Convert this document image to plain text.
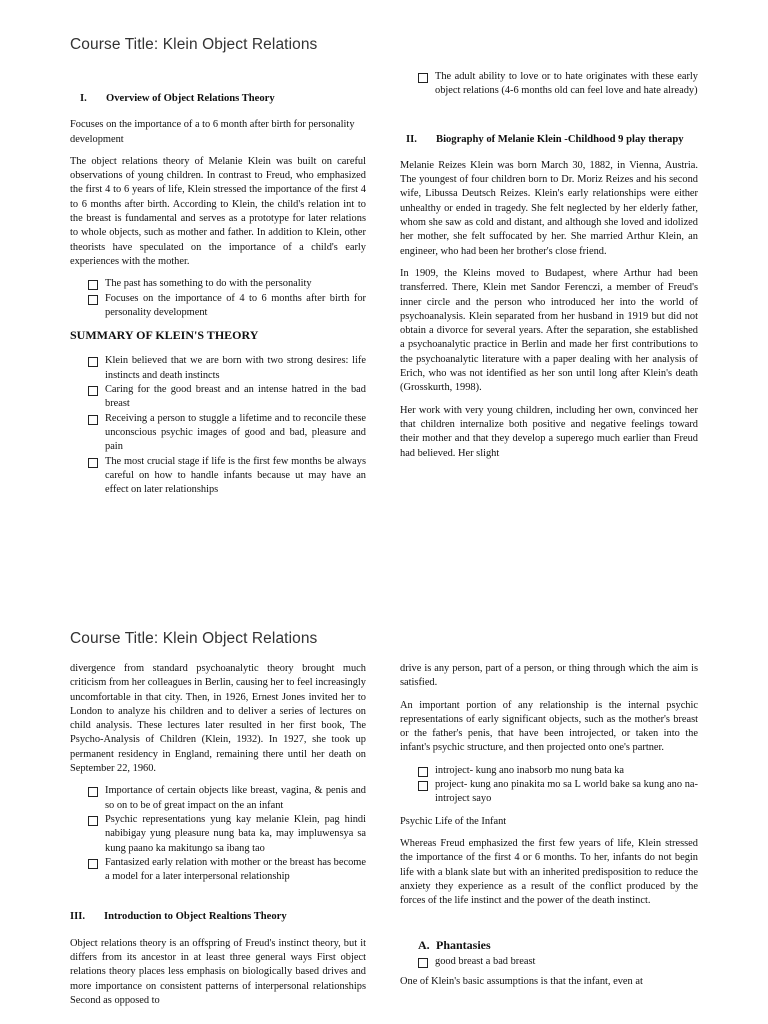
Course Title: Klein Object Relations
I.	Overview of Object Relations Theory

Focuses on the importance of a to 6 month after birth for personality development

The object relations theory of Melanie Klein was built on careful observations of young children. In contrast to Freud, who emphasized the first 4 to 6 years of life, Klein stressed the importance of the first 4 to 6 months after birth. According to Klein, the child's relation int to the breast is fundamental and serves as a prototype for later relations to whole objects, such as mother and father. In addition to Klein, other theorists have speculated on the importance of a child's early experiences with the mother.

The past has something to do with the personality
Focuses on the importance of 4 to 6 months after birth for personality development
SUMMARY OF KLEIN'S THEORY
Klein believed that we are born with two strong desires: life instincts and death instincts
Caring for the good breast and an intense hatred in the bad breast
Receiving a person to stuggle a lifetime and to reconcile these unconscious psychic images of good and bad, pleasure and pain
The most crucial stage if life is the first few months be always careful on how to handle infants because ut may have an effect on later relationships
The adult ability to love or to hate originates with these early object relations (4-6 months old can feel love and hate already)
II.	Biography of Melanie Klein -Childhood 9 play therapy

Melanie Reizes Klein was born March 30, 1882, in Vienna, Austria. The youngest of four children born to Dr. Moriz Reizes and his second wife, Libussa Deutsch Reizes. Klein's early relationships were either unhealthy or ended in tragedy. She felt neglected by her elderly father, whom she saw as cold and distant, and although she loved and idolized her mother, she felt suffocated by her. She married Arthur Klein, an engineer, who had been her brother's close friend.

In 1909, the Kleins moved to Budapest, where Arthur had been transferred. There, Klein met Sandor Ferenczi, a member of Freud's inner circle and the person who introduced her into the world of psychoanalysis. Klein separated from her husband in 1919 but did not obtain a divorce for several years. After the separation, she established a psychoanalytic practice in Berlin and made her first contributions to the psychoanalytic literature with a paper dealing with her analysis of Erich, who was not identified as her son until long after Klein's death (Grosskurth, 1998).

Her work with very young children, including her own, convinced her that children internalize both positive and negative feelings toward their mother and that they develop a superego much earlier than Freud had believed. Her slight

Course Title: Klein Object Relations

divergence from standard psychoanalytic theory brought much criticism from her colleagues in Berlin, causing her to feel increasingly uncomfortable in that city. Then, in 1926, Ernest Jones invited her to London to analyze his children and to deliver a series of lectures on child analysis. These lectures later resulted in her first book, The Psycho-Analysis of Children (Klein, 1932). In 1927, she took up permanent residency in England, remaining there until her death on September 22, 1960.

Importance of certain objects like breast, vagina, & penis and so on to be of great impact on the an infant
Psychic representations yung kay melanie Klein, pag hindi nabibigay yung pleasure nung bata ka, may impluwensya sa kung paano ka makitungo sa ibang tao
Fantasized early relation with mother or the breast has become a model for a later interpersonal relationship
III.	Introduction to Object Realtions Theory

Object relations theory is an offspring of Freud's instinct theory, but it differs from its ancestor in at least three general ways First object relations theory places less emphasis on biologically based drives and more importance on consistent patterns of interpersonal relationships Second as opposed to

drive is any person, part of a person, or thing through which the aim is satisfied.

An important portion of any relationship is the internal psychic representations of early significant objects, such as the mother's breast or the father's penis, that have been introjected, or taken into the infant's psychic structure, and then projected onto one's partner.

introject- kung ano inabsorb mo nung bata ka
project- kung ano pinakita mo sa L world bake sa kung ano na-introject sayo

Psychic Life of the Infant

Whereas Freud emphasized the first few years of life, Klein stressed the importance of the first 4 or 6 months. To her, infants do not begin life with a blank slate but with an inherited predisposition to reduce the anxiety they experience as a result of the conflict produced by the forces of the life instinct and the power of the death instinct.

A. Phantasies
good breast a bad breast

One of Klein's basic assumptions is that the infant, even at
